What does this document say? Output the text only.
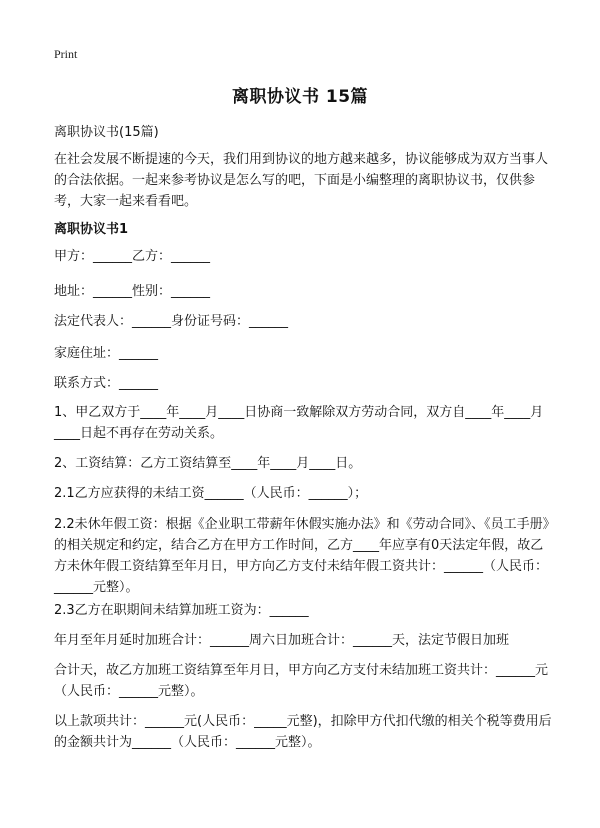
Print
离职协议书 15篇
离职协议书(15篇)
在社会发展不断提速的今天，我们用到协议的地方越来越多，协议能够成为双方当事人的合法依据。一起来参考协议是怎么写的吧，下面是小编整理的离职协议书，仅供参考，大家一起来看看吧。
离职协议书1
甲方：______乙方：______
地址：______性别：______
法定代表人：______身份证号码：______
家庭住址：______
联系方式：______
1、甲乙双方于____年____月____日协商一致解除双方劳动合同，双方自____年____月____日起不再存在劳动关系。
2、工资结算：乙方工资结算至____年____月____日。
2.1乙方应获得的未结工资______（人民币：______）；
2.2未休年假工资：根据《企业职工带薪年休假实施办法》和《劳动合同》、《员工手册》的相关规定和约定，结合乙方在甲方工作时间，乙方____年应享有0天法定年假，故乙方未休年假工资结算至年月日，甲方向乙方支付未结年假工资共计：______（人民币：______元整）。
2.3乙方在职期间未结算加班工资为：______
年月至年月延时加班合计：______周六日加班合计：______天，法定节假日加班
合计天，故乙方加班工资结算至年月日，甲方向乙方支付未结加班工资共计：______元（人民币：______元整）。
以上款项共计：______元(人民币：_____元整)，扣除甲方代扣代缴的相关个税等费用后的金额共计为______（人民币：______元整）。
